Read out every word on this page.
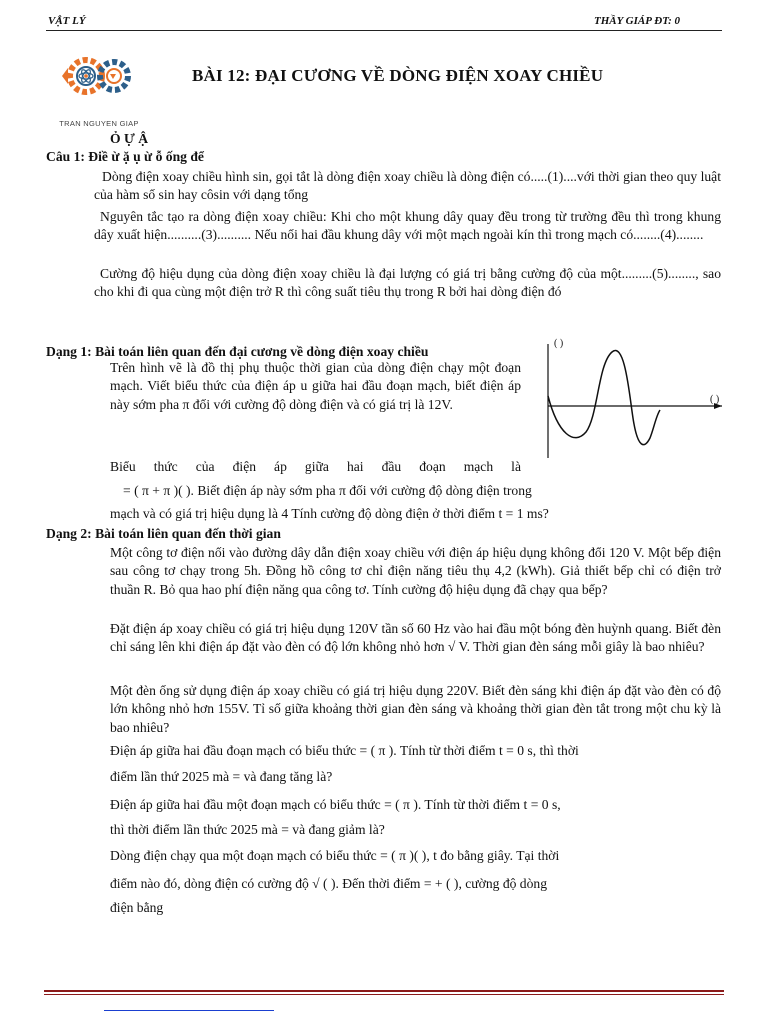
VẬT LÝ	THẦY GIÁP ĐT: 0
TRAN NGUYEN GIAP
BÀI 12: ĐẠI CƯƠNG VỀ DÒNG ĐIỆN XOAY CHIỀU
Ỏ Ự Ậ
Câu 1: Điề ừ ặ ụ ừ ỗ ống để
Dòng điện xoay chiều hình sin, gọi tắt là dòng điện xoay chiều là dòng điện có.....(1)....với thời gian theo quy luật của hàm số sin hay côsin với dạng tổng
Nguyên tắc tạo ra dòng điện xoay chiều: Khi cho một khung dây quay đều trong từ trường đều thì trong khung dây xuất hiện..........(3).......... Nếu nối hai đầu khung dây với một mạch ngoài kín thì trong mạch có........(4)........
Cường độ hiệu dụng của dòng điện xoay chiều là đại lượng có giá trị bằng cường độ của một.........(5)........, sao cho khi đi qua cùng một điện trở R thì công suất tiêu thụ trong R bởi hai dòng điện đó
Dạng 1: Bài toán liên quan đến đại cương về dòng điện xoay chiều
Trên hình vẽ là đồ thị phụ thuộc thời gian của dòng điện chạy một đoạn mạch. Viết biểu thức của điện áp u giữa hai đầu đoạn mạch, biết điện áp này sớm pha π đối với cường độ dòng điện và có giá trị là 12V.
Biểu thức của điện áp giữa hai đầu đoạn mạch là
= ( π + π )( ). Biết điện áp này sớm pha π đối với cường độ dòng điện trong
mạch và có giá trị hiệu dụng là 4 Tính cường độ dòng điện ở thời điểm t = 1 ms?
( )
( )
Dạng 2: Bài toán liên quan đến thời gian
Một công tơ điện nối vào đường dây dẫn điện xoay chiều với điện áp hiệu dụng không đổi 120 V. Một bếp điện sau công tơ chạy trong 5h. Đồng hồ công tơ chỉ điện năng tiêu thụ 4,2 (kWh). Giả thiết bếp chỉ có điện trở thuần R. Bỏ qua hao phí điện năng qua công tơ. Tính cường độ hiệu dụng đã chạy qua bếp?
Đặt điện áp xoay chiều có giá trị hiệu dụng 120V tần số 60 Hz vào hai đầu một bóng đèn huỳnh quang. Biết đèn chỉ sáng lên khi điện áp đặt vào đèn có độ lớn không nhỏ hơn √ V. Thời gian đèn sáng mỗi giây là bao nhiêu?
Một đèn ống sử dụng điện áp xoay chiều có giá trị hiệu dụng 220V. Biết đèn sáng khi điện áp đặt vào đèn có độ lớn không nhỏ hơn 155V. Tỉ số giữa khoảng thời gian đèn sáng và khoảng thời gian đèn tắt trong một chu kỳ là bao nhiêu?
Điện áp giữa hai đầu đoạn mạch có biểu thức = ( π ). Tính từ thời điểm t = 0 s, thì thời
điểm lần thứ 2025 mà = và đang tăng là?
Điện áp giữa hai đầu một đoạn mạch có biểu thức = ( π ). Tính từ thời điểm t = 0 s,
thì thời điểm lần thức 2025 mà = và đang giảm là?
Dòng điện chạy qua một đoạn mạch có biểu thức = ( π )( ), t đo bằng giây. Tại thời
điểm nào đó, dòng điện có cường độ √ ( ). Đến thời điểm = + ( ), cường độ dòng
điện bằng
